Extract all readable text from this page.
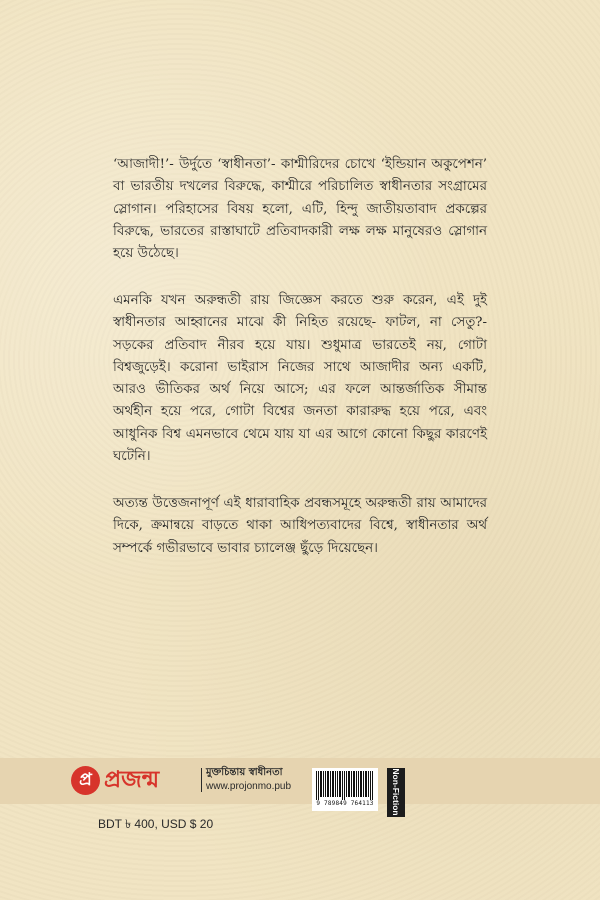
‘আজাদী!’- উর্দুতে ‘স্বাধীনতা’- কাশ্মীরিদের চোখে ‘ইন্ডিয়ান অকুপেশন’ বা ভারতীয় দখলের বিরুদ্ধে, কাশ্মীরে পরিচালিত স্বাধীনতার সংগ্রামের স্লোগান। পরিহাসের বিষয় হলো, এটি, হিন্দু জাতীয়তাবাদ প্রকল্পের বিরুদ্ধে, ভারতের রাস্তাঘাটে প্রতিবাদকারী লক্ষ লক্ষ মানুষেরও স্লোগান হয়ে উঠেছে।
এমনকি যখন অরুন্ধতী রায় জিজ্ঞেস করতে শুরু করেন, এই দুই স্বাধীনতার আহ্বানের মাঝে কী নিহিত রয়েছে- ফাটল, না সেতু?- সড়কের প্রতিবাদ নীরব হয়ে যায়। শুধুমাত্র ভারতেই নয়, গোটা বিশ্বজুড়েই। করোনা ভাইরাস নিজের সাথে আজাদীর অন্য একটি, আরও ভীতিকর অর্থ নিয়ে আসে; এর ফলে আন্তর্জাতিক সীমান্ত অর্থহীন হয়ে পরে, গোটা বিশ্বের জনতা কারারুদ্ধ হয়ে পরে, এবং আধুনিক বিশ্ব এমনভাবে থেমে যায় যা এর আগে কোনো কিছুর কারণেই ঘটেনি।
অত্যন্ত উত্তেজনাপূর্ণ এই ধারাবাহিক প্রবন্ধসমূহে অরুন্ধতী রায় আমাদের দিকে, ক্রমান্বয়ে বাড়তে থাকা আধিপত্যবাদের বিশ্বে, স্বাধীনতার অর্থ সম্পর্কে গভীরভাবে ভাবার চ্যালেঞ্জ ছুঁড়ে দিয়েছেন।
প্র প্রজন্ম	মুক্তচিন্তায় স্বাধীনতা
www.projonmo.pub
9 789849 764113	Non-Fiction
BDT ৳ 400, USD $ 20
